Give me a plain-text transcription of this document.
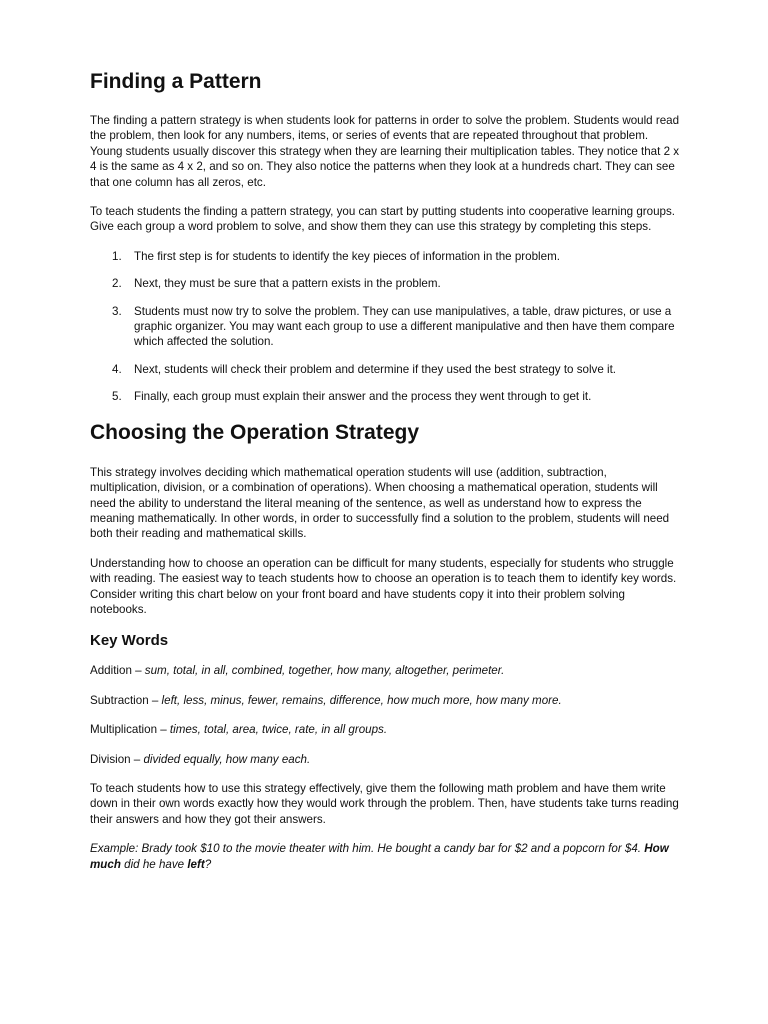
Finding a Pattern

The finding a pattern strategy is when students look for patterns in order to solve the problem. Students would read the problem, then look for any numbers, items, or series of events that are repeated throughout that problem. Young students usually discover this strategy when they are learning their multiplication tables. They notice that 2 x 4 is the same as 4 x 2, and so on. They also notice the patterns when they look at a hundreds chart. They can see that one column has all zeros, etc.

To teach students the finding a pattern strategy, you can start by putting students into cooperative learning groups. Give each group a word problem to solve, and show them they can use this strategy by completing this steps.

1.	The first step is for students to identify the key pieces of information in the problem.
2.	Next, they must be sure that a pattern exists in the problem.
3.	Students must now try to solve the problem. They can use manipulatives, a table, draw pictures, or use a graphic organizer. You may want each group to use a different manipulative and then have them compare which affected the solution.
4.	Next, students will check their problem and determine if they used the best strategy to solve it.
5.	Finally, each group must explain their answer and the process they went through to get it.
Choosing the Operation Strategy

This strategy involves deciding which mathematical operation students will use (addition, subtraction, multiplication, division, or a combination of operations). When choosing a mathematical operation, students will need the ability to understand the literal meaning of the sentence, as well as understand how to express the meaning mathematically. In other words, in order to successfully find a solution to the problem, students will need both their reading and mathematical skills.

Understanding how to choose an operation can be difficult for many students, especially for students who struggle with reading. The easiest way to teach students how to choose an operation is to teach them to identify key words. Consider writing this chart below on your front board and have students copy it into their problem solving notebooks.

Key Words

Addition – sum, total, in all, combined, together, how many, altogether, perimeter.

Subtraction – left, less, minus, fewer, remains, difference, how much more, how many more.

Multiplication – times, total, area, twice, rate, in all groups.

Division – divided equally, how many each.

To teach students how to use this strategy effectively, give them the following math problem and have them write down in their own words exactly how they would work through the problem. Then, have students take turns reading their answers and how they got their answers.

Example: Brady took $10 to the movie theater with him. He bought a candy bar for $2 and a popcorn for $4. How much did he have left?
